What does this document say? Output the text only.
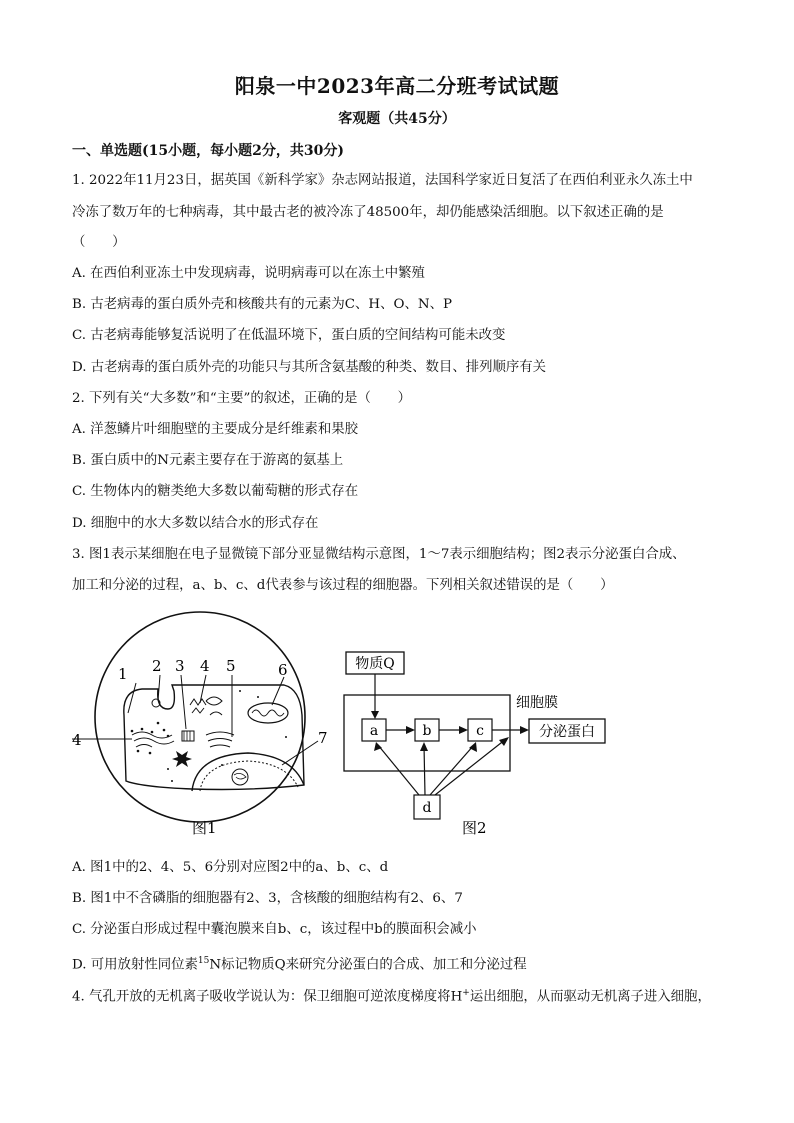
阳泉一中2023年高二分班考试试题
客观题（共45分）
一、单选题(15小题，每小题2分，共30分)
1. 2022年11月23日，据英国《新科学家》杂志网站报道，法国科学家近日复活了在西伯利亚永久冻土中
冷冻了数万年的七种病毒，其中最古老的被冷冻了48500年，却仍能感染活细胞。以下叙述正确的是
（　　）
A. 在西伯利亚冻土中发现病毒，说明病毒可以在冻土中繁殖
B. 古老病毒的蛋白质外壳和核酸共有的元素为C、H、O、N、P
C. 古老病毒能够复活说明了在低温环境下，蛋白质的空间结构可能未改变
D. 古老病毒的蛋白质外壳的功能只与其所含氨基酸的种类、数目、排列顺序有关
2. 下列有关“大多数”和“主要”的叙述，正确的是（　　）
A. 洋葱鳞片叶细胞壁的主要成分是纤维素和果胶
B. 蛋白质中的N元素主要存在于游离的氨基上
C. 生物体内的糖类绝大多数以葡萄糖的形式存在
D. 细胞中的水大多数以结合水的形式存在
3. 图1表示某细胞在电子显微镜下部分亚显微结构示意图，1～7表示细胞结构；图2表示分泌蛋白合成、
加工和分泌的过程，a、b、c、d代表参与该过程的细胞器。下列相关叙述错误的是（　　）
1 2 3 4 5	6
4	7
图1
物质Q
细胞膜
a	b	c	分泌蛋白
d
图2
A. 图1中的2、4、5、6分别对应图2中的a、b、c、d
B. 图1中不含磷脂的细胞器有2、3，含核酸的细胞结构有2、6、7
C. 分泌蛋白形成过程中囊泡膜来自b、c，该过程中b的膜面积会减小
D. 可用放射性同位素$^{15}$N标记物质Q来研究分泌蛋白的合成、加工和分泌过程
4. 气孔开放的无机离子吸收学说认为：保卫细胞可逆浓度梯度将H+运出细胞，从而驱动无机离子进入细胞，
